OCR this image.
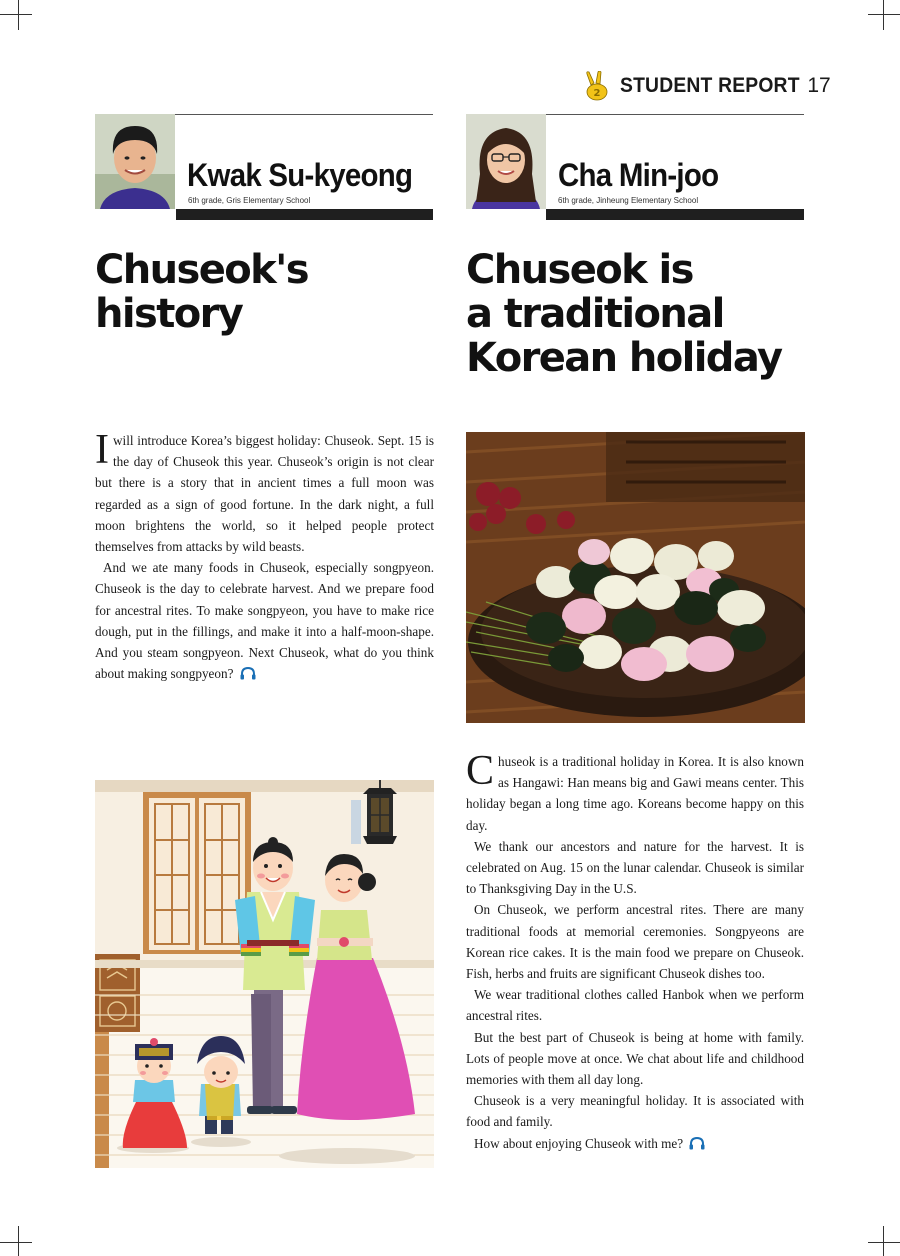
2 STUDENT REPORT 17
Kwak Su-kyeong
6th grade, Gris Elementary School
Chuseok's
history

I will introduce Korea’s biggest holiday: Chuseok. Sept. 15 is the day of Chuseok this year. Chuseok’s origin is not clear but there is a story that in ancient times a full moon was regarded as a sign of good fortune. In the dark night, a full moon brightens the world, so it helped people protect themselves from attacks by wild beasts.

And we ate many foods in Chuseok, especially songpyeon. Chuseok is the day to celebrate harvest. And we prepare food for ancestral rites. To make songpyeon, you have to make rice dough, put in the fillings, and make it into a half-moon-shape. And you steam songpyeon. Next Chuseok, what do you think about making songpyeon?

Cha Min-joo
6th grade, Jinheung Elementary School
Chuseok is
a traditional
Korean holiday

Chuseok is a traditional holiday in Korea. It is also known as Hangawi: Han means big and Gawi means center. This holiday began a long time ago. Koreans become happy on this day.

We thank our ancestors and nature for the harvest. It is celebrated on Aug. 15 on the lunar calendar. Chuseok is similar to Thanksgiving Day in the U.S.

On Chuseok, we perform ancestral rites. There are many traditional foods at memorial ceremonies. Songpyeons are Korean rice cakes. It is the main food we prepare on Chuseok. Fish, herbs and fruits are significant Chuseok dishes too.

We wear traditional clothes called Hanbok when we perform ancestral rites.

But the best part of Chuseok is being at home with family. Lots of people move at once. We chat about life and childhood memories with them all day long.

Chuseok is a very meaningful holiday. It is associated with food and family.

How about enjoying Chuseok with me?
